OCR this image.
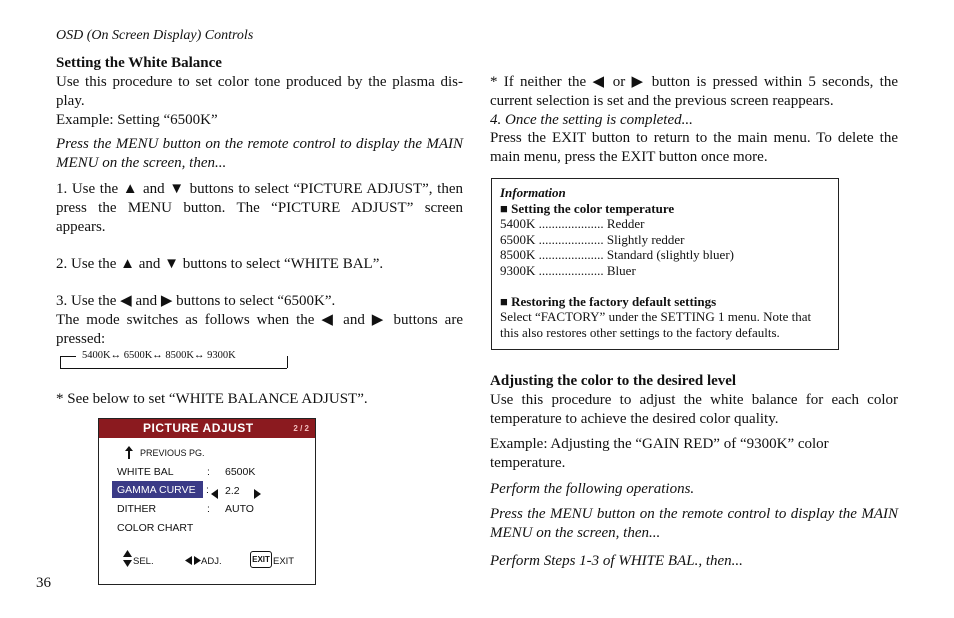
OSD (On Screen Display) Controls
Setting the White Balance
Use this procedure to set color tone produced by the plasma dis-play.
Example: Setting “6500K”
Press the MENU button on the remote control to display the MAIN MENU on the screen, then...
1. Use the ▲ and ▼ buttons to select “PICTURE ADJUST”, then press the MENU button. The “PICTURE ADJUST” screen appears.
2. Use the ▲ and ▼ buttons to select “WHITE BAL”.
3. Use the ◀ and ▶ buttons to select “6500K”.
The mode switches as follows when the ◀ and ▶ buttons are pressed:
5400K↔ 6500K↔ 8500K↔ 9300K
* See below to set “WHITE BALANCE ADJUST”.
PICTURE ADJUST	2 / 2
PREVIOUS PG.
WHITE BAL	: 6500K
GAMMA CURVE : 2.2
DITHER	: AUTO
COLOR CHART
SEL.	ADJ.	EXIT EXIT
36
* If neither the ◀ or ▶ button is pressed within 5 seconds, the current selection is set and the previous screen reappears.
4. Once the setting is completed...
Press the EXIT button to return to the main menu. To delete the main menu, press the EXIT button once more.
Information
■ Setting the color temperature
5400K .................... Redder
6500K .................... Slightly redder
8500K .................... Standard (slightly bluer)
9300K .................... Bluer
■ Restoring the factory default settings
Select “FACTORY” under the SETTING 1 menu. Note that
this also restores other settings to the factory defaults.
Adjusting the color to the desired level
Use this procedure to adjust the white balance for each color temperature to achieve the desired color quality.
Example: Adjusting the “GAIN RED” of “9300K” color temperature.
Perform the following operations.
Press the MENU button on the remote control to display the MAIN MENU on the screen, then...
Perform Steps 1-3 of WHITE BAL., then...
